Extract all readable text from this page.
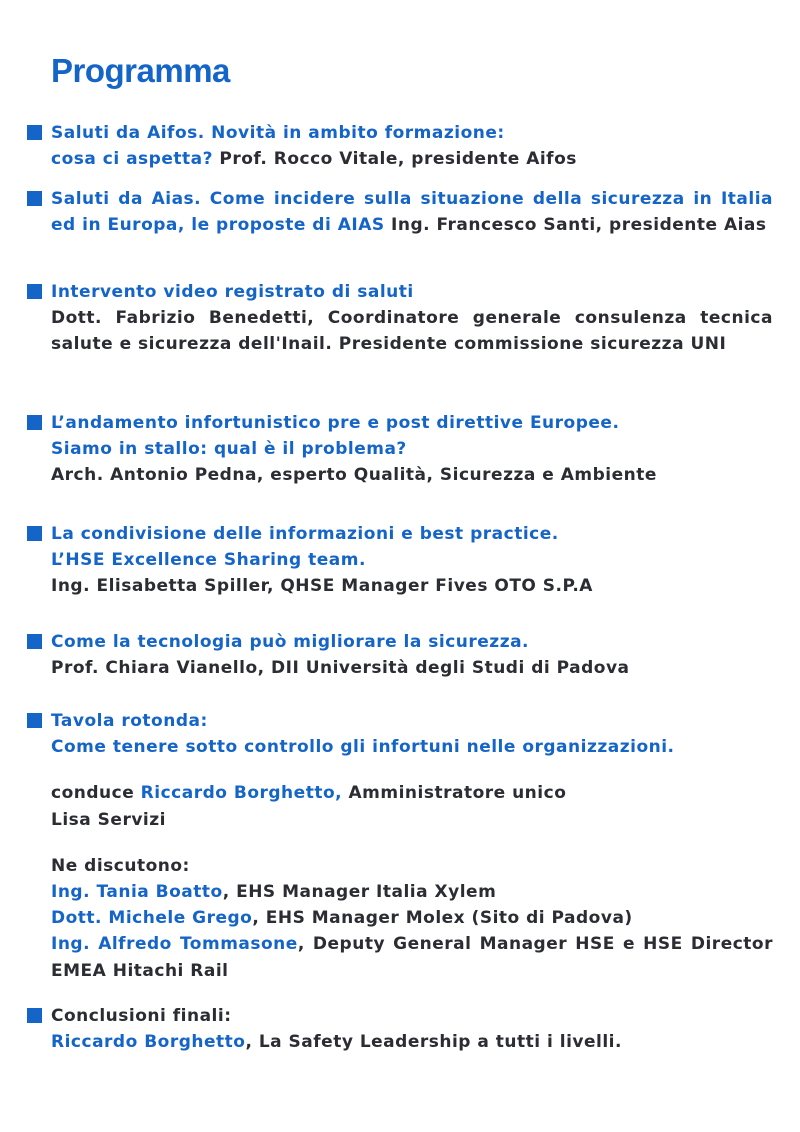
Programma
Saluti da Aifos. Novità in ambito formazione:
cosa ci aspetta? Prof. Rocco Vitale, presidente Aifos
Saluti da Aias. Come incidere sulla situazione della sicurezza in Italia ed in Europa, le proposte di AIAS Ing. Francesco Santi, presidente Aias
Intervento video registrato di saluti
Dott. Fabrizio Benedetti, Coordinatore generale consulenza tecnica salute e sicurezza dell'Inail. Presidente commissione sicurezza UNI
L’andamento infortunistico pre e post direttive Europee.
Siamo in stallo: qual è il problema?
Arch. Antonio Pedna, esperto Qualità, Sicurezza e Ambiente
La condivisione delle informazioni e best practice.
L’HSE Excellence Sharing team.
Ing. Elisabetta Spiller, QHSE Manager Fives OTO S.P.A
Come la tecnologia può migliorare la sicurezza.
Prof. Chiara Vianello, DII Università degli Studi di Padova
Tavola rotonda:
Come tenere sotto controllo gli infortuni nelle organizzazioni.
conduce Riccardo Borghetto, Amministratore unico
Lisa Servizi
Ne discutono:
Ing. Tania Boatto, EHS Manager Italia Xylem
Dott. Michele Grego, EHS Manager Molex (Sito di Padova)
Ing. Alfredo Tommasone, Deputy General Manager HSE e HSE Director EMEA Hitachi Rail
Conclusioni finali:
Riccardo Borghetto, La Safety Leadership a tutti i livelli.
